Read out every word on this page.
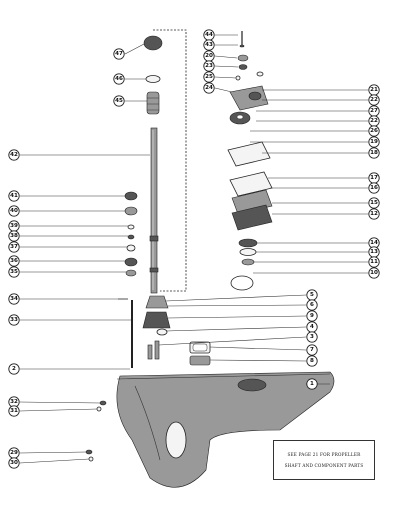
44
43
20
23
25
24
47
46
45
42
21
22
27
22
26
19
18
17
16
15
12
14
13
11
10
41
40
39
38
37
36
35
34
33
5
6
9
4
3
7
8
2
1
32
31
29
30
SEE PAGE 21 FOR PROPELLER
SHAFT AND COMPONENT PARTS
